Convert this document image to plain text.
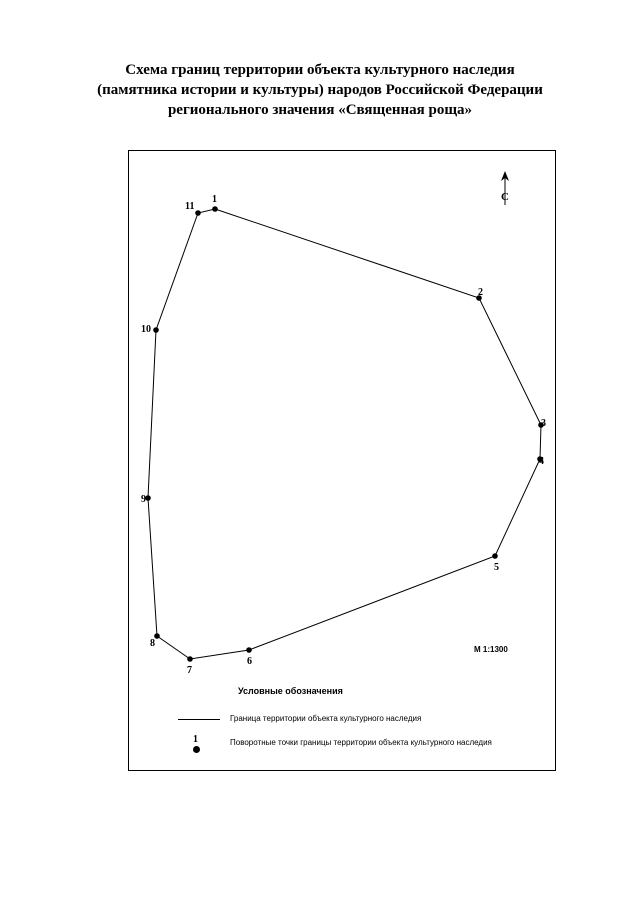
Схема границ территории объекта культурного наследия
(памятника истории и культуры) народов Российской Федерации
регионального значения «Священная роща»
1
2
3
4
5
6
7
8
9
10
11
С
М 1:1300
Условные обозначения
Граница территории объекта культурного наследия
1	Поворотные точки границы территории объекта культурного наследия
